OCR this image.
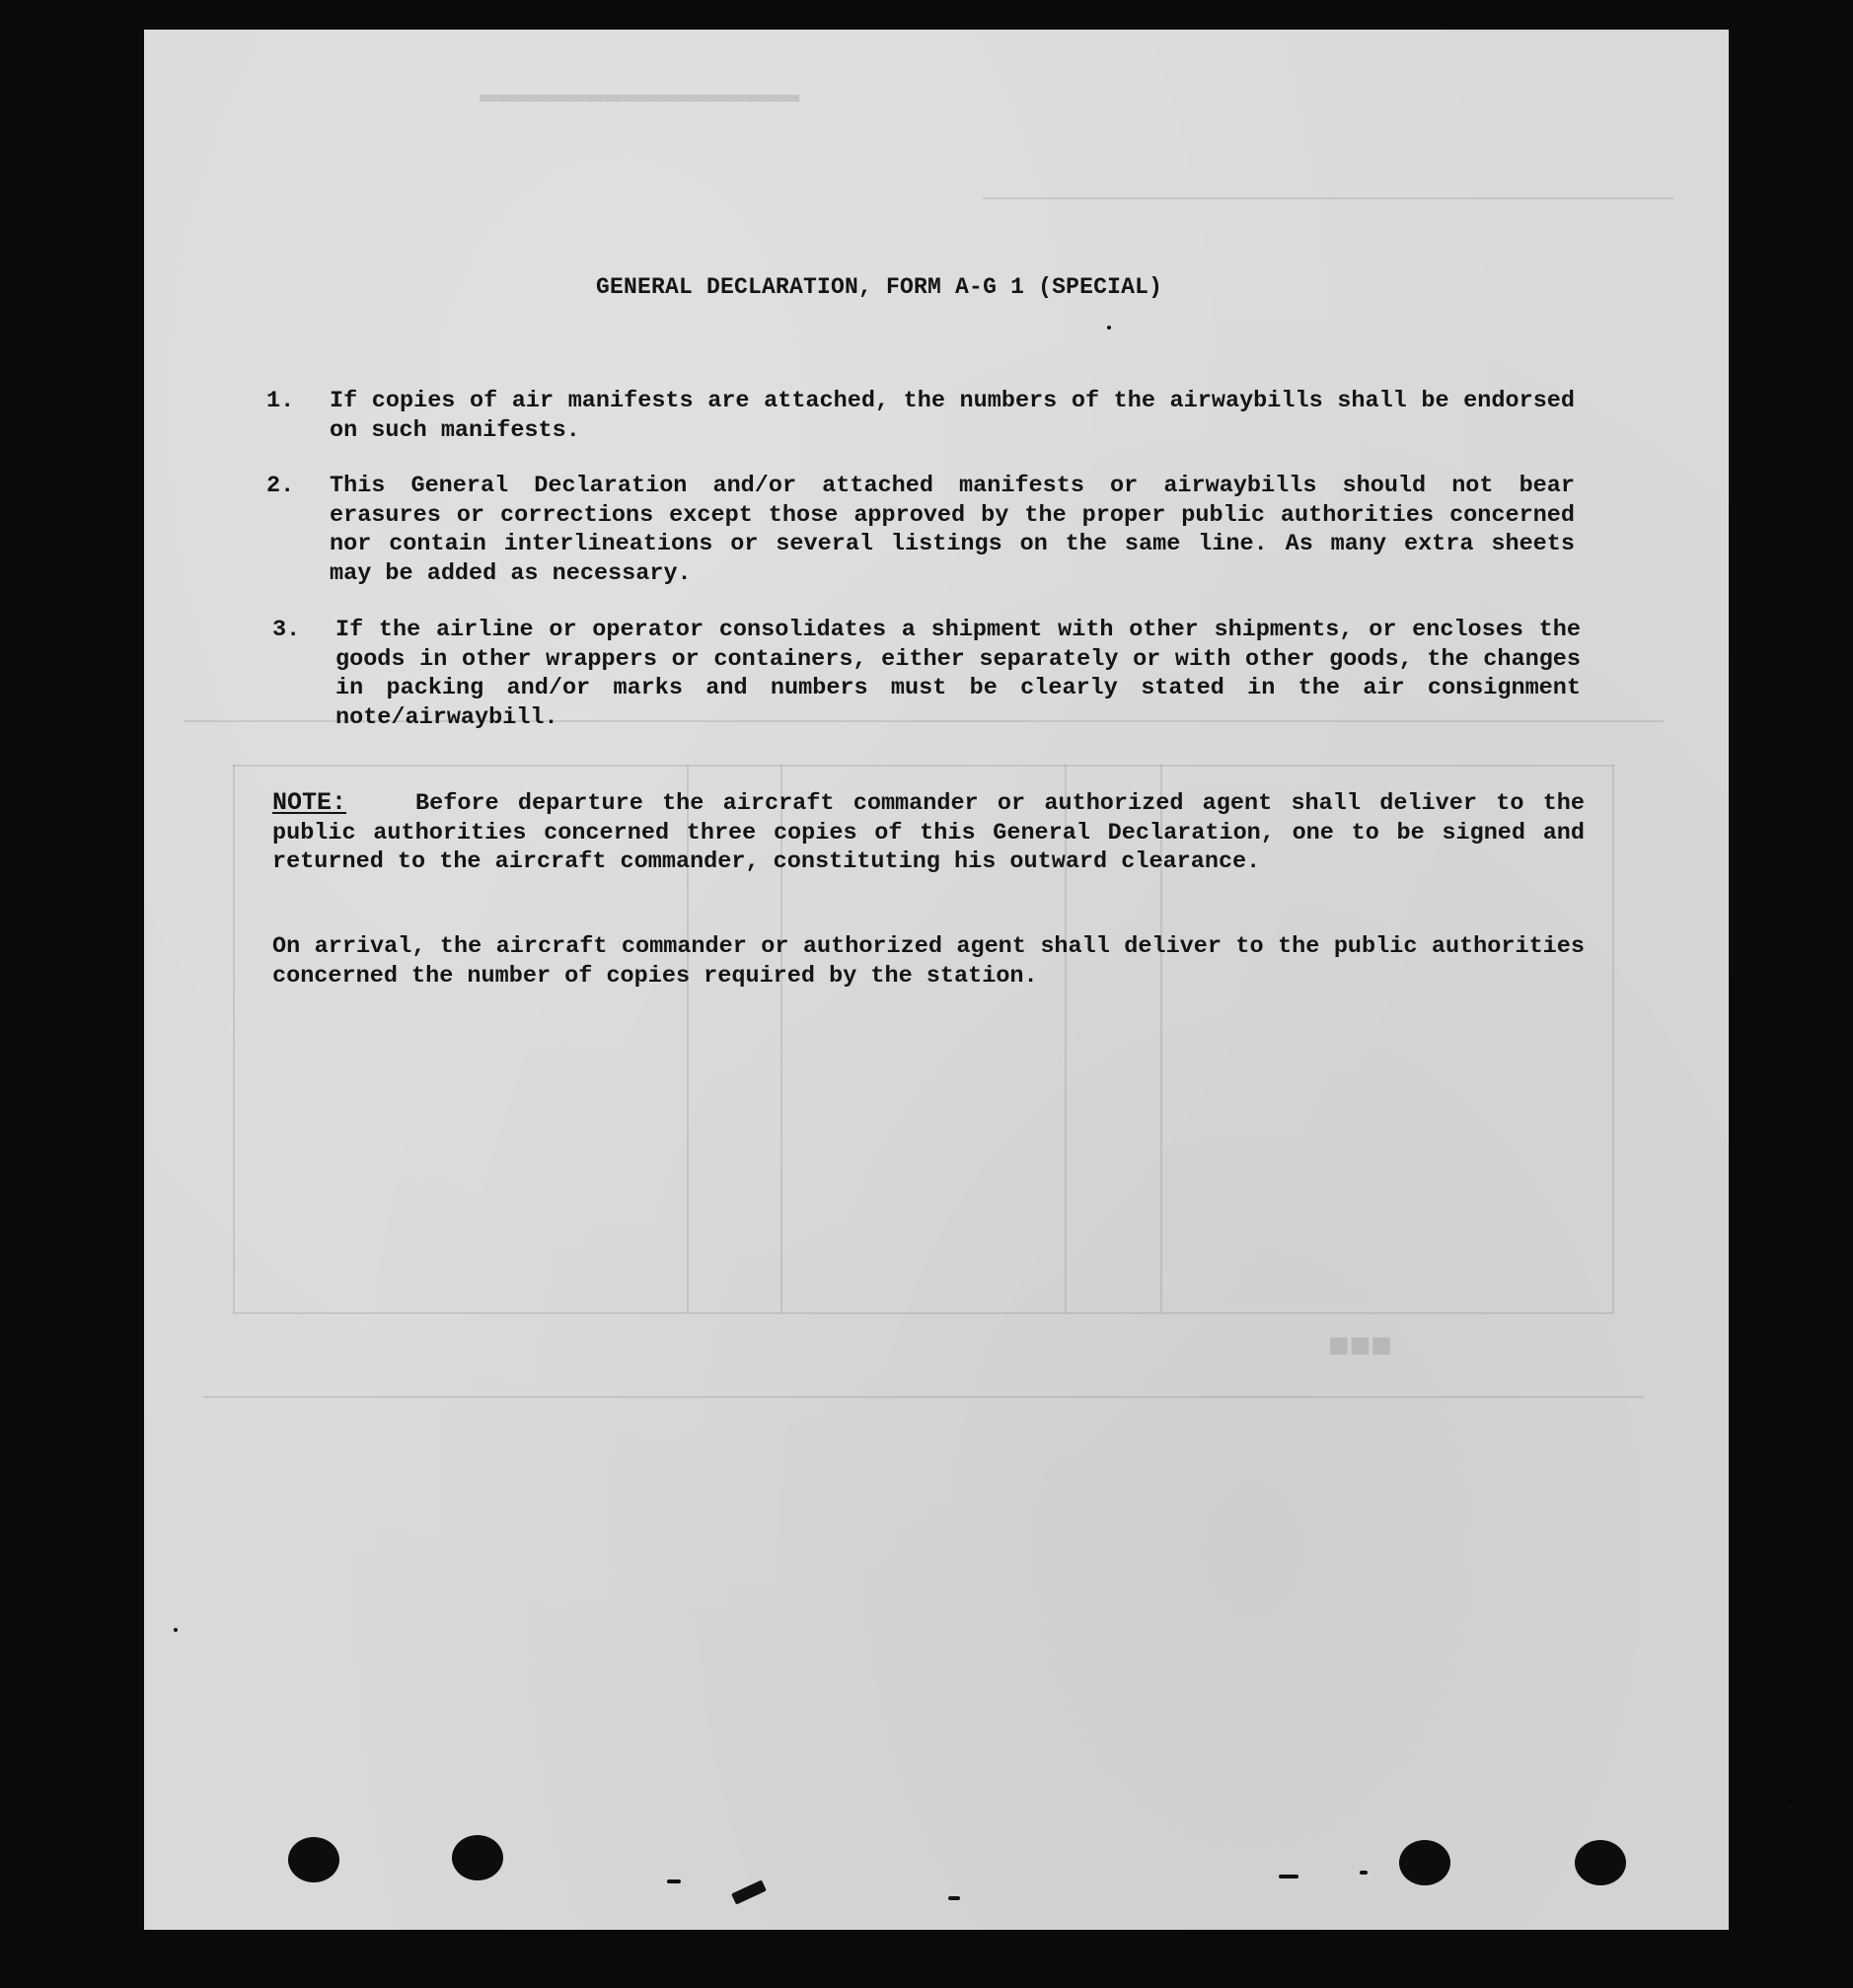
▬▬▬▬▬▬▬▬▬▬▬▬▬▬▬▬▬▬
■■■
GENERAL DECLARATION, FORM A-G 1 (SPECIAL)
1. If copies of air manifests are attached, the numbers of the airwaybills shall be endorsed on such manifests.
2. This General Declaration and/or attached manifests or airwaybills should not bear erasures or corrections except those approved by the proper public authorities concerned nor contain interlineations or several listings on the same line. As many extra sheets may be added as necessary.
3. If the airline or operator consolidates a shipment with other shipments, or encloses the goods in other wrappers or containers, either separately or with other goods, the changes in packing and/or marks and numbers must be clearly stated in the air consignment note/airwaybill.
NOTE:	Before departure the aircraft commander or authorized agent shall deliver to the public authorities concerned three copies of this General Declaration, one to be signed and returned to the aircraft commander, constituting his outward clearance.
On arrival, the aircraft commander or authorized agent shall deliver to the public authorities concerned the number of copies required by the station.
